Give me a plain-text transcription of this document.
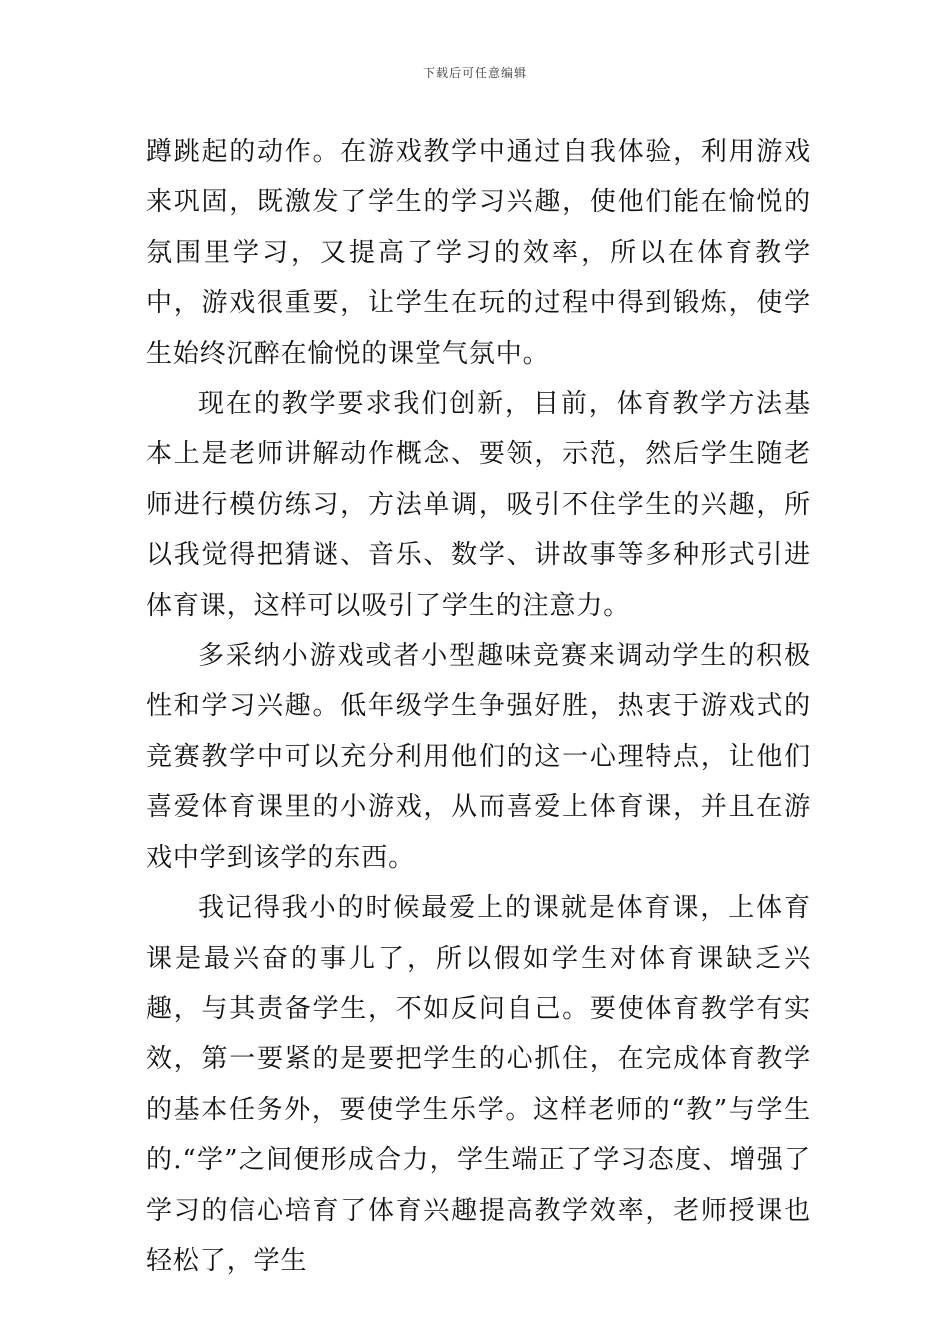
下载后可任意编辑

蹲跳起的动作。在游戏教学中通过自我体验，利用游戏来巩固，既激发了学生的学习兴趣，使他们能在愉悦的氛围里学习，又提高了学习的效率，所以在体育教学中，游戏很重要，让学生在玩的过程中得到锻炼，使学生始终沉醉在愉悦的课堂气氛中。

现在的教学要求我们创新，目前，体育教学方法基本上是老师讲解动作概念、要领，示范，然后学生随老师进行模仿练习，方法单调，吸引不住学生的兴趣，所以我觉得把猜谜、音乐、数学、讲故事等多种形式引进体育课，这样可以吸引了学生的注意力。

多采纳小游戏或者小型趣味竞赛来调动学生的积极性和学习兴趣。低年级学生争强好胜，热衷于游戏式的竞赛教学中可以充分利用他们的这一心理特点，让他们喜爱体育课里的小游戏，从而喜爱上体育课，并且在游戏中学到该学的东西。

我记得我小的时候最爱上的课就是体育课，上体育课是最兴奋的事儿了，所以假如学生对体育课缺乏兴趣，与其责备学生，不如反问自己。要使体育教学有实效，第一要紧的是要把学生的心抓住，在完成体育教学的基本任务外，要使学生乐学。这样老师的“教”与学生的.“学”之间便形成合力，学生端正了学习态度、增强了学习的信心培育了体育兴趣提高教学效率，老师授课也轻松了，学生
